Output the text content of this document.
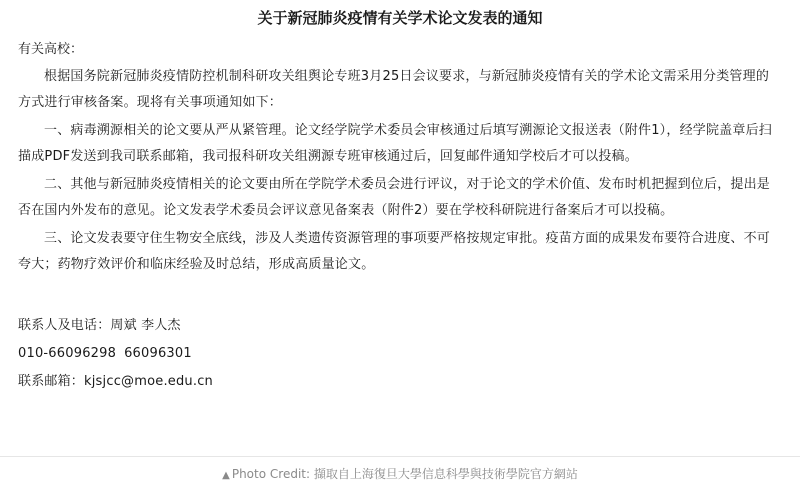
关于新冠肺炎疫情有关学术论文发表的通知
有关高校：

根据国务院新冠肺炎疫情防控机制科研攻关组舆论专班3月25日会议要求，与新冠肺炎疫情有关的学术论文需采用分类管理的方式进行审核备案。现将有关事项通知如下：

一、病毒溯源相关的论文要从严从紧管理。论文经学院学术委员会审核通过后填写溯源论文报送表（附件1），经学院盖章后扫描成PDF发送到我司联系邮箱，我司报科研攻关组溯源专班审核通过后，回复邮件通知学校后才可以投稿。

二、其他与新冠肺炎疫情相关的论文要由所在学院学术委员会进行评议，对于论文的学术价值、发布时机把握到位后，提出是否在国内外发布的意见。论文发表学术委员会评议意见备案表（附件2）要在学校科研院进行备案后才可以投稿。

三、论文发表要守住生物安全底线，涉及人类遗传资源管理的事项要严格按规定审批。疫苗方面的成果发布要符合进度、不可夸大；药物疗效评价和临床经验及时总结，形成高质量论文。

联系人及电话：周斌 李人杰

010-66096298 66096301

联系邮箱：kjsjcc@moe.edu.cn

▲ Photo Credit: 擷取自上海復旦大學信息科學與技術學院官方網站
